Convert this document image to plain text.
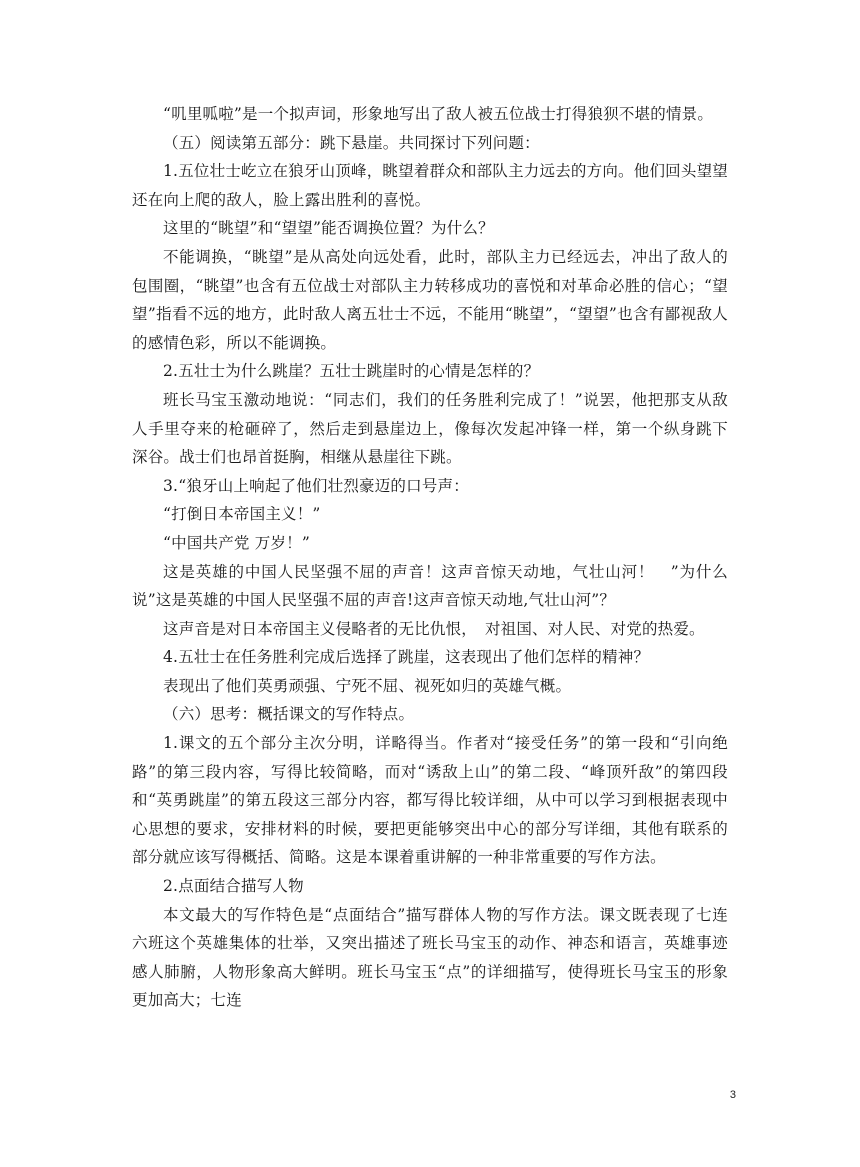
“叽里呱啦”是一个拟声词，形象地写出了敌人被五位战士打得狼狈不堪的情景。

（五）阅读第五部分：跳下悬崖。共同探讨下列问题：

1.五位壮士屹立在狼牙山顶峰，眺望着群众和部队主力远去的方向。他们回头望望还在向上爬的敌人，脸上露出胜利的喜悦。

这里的“眺望”和“望望”能否调换位置？为什么？

不能调换，“眺望”是从高处向远处看，此时，部队主力已经远去，冲出了敌人的包围圈，“眺望”也含有五位战士对部队主力转移成功的喜悦和对革命必胜的信心；“望望”指看不远的地方，此时敌人离五壮士不远，不能用“眺望”，“望望”也含有鄙视敌人的感情色彩，所以不能调换。

2.五壮士为什么跳崖？五壮士跳崖时的心情是怎样的？

班长马宝玉激动地说：“同志们，我们的任务胜利完成了！”说罢，他把那支从敌人手里夺来的枪砸碎了，然后走到悬崖边上，像每次发起冲锋一样，第一个纵身跳下深谷。战士们也昂首挺胸，相继从悬崖往下跳。

3.“狼牙山上响起了他们壮烈豪迈的口号声：

“打倒日本帝国主义！”

“中国共产党 万岁！”

这是英雄的中国人民坚强不屈的声音！这声音惊天动地，气壮山河！　”为什么说”这是英雄的中国人民坚强不屈的声音!这声音惊天动地,气壮山河”？

这声音是对日本帝国主义侵略者的无比仇恨，　对祖国、对人民、对党的热爱。

4.五壮士在任务胜利完成后选择了跳崖，这表现出了他们怎样的精神？

表现出了他们英勇顽强、宁死不屈、视死如归的英雄气概。

（六）思考：概括课文的写作特点。

1.课文的五个部分主次分明，详略得当。作者对“接受任务”的第一段和“引向绝路”的第三段内容，写得比较简略，而对“诱敌上山”的第二段、“峰顶歼敌”的第四段和“英勇跳崖”的第五段这三部分内容，都写得比较详细，从中可以学习到根据表现中心思想的要求，安排材料的时候，要把更能够突出中心的部分写详细，其他有联系的部分就应该写得概括、简略。这是本课着重讲解的一种非常重要的写作方法。

2.点面结合描写人物

本文最大的写作特色是“点面结合”描写群体人物的写作方法。课文既表现了七连六班这个英雄集体的壮举，又突出描述了班长马宝玉的动作、神态和语言，英雄事迹感人肺腑，人物形象高大鲜明。班长马宝玉“点”的详细描写，使得班长马宝玉的形象更加高大；七连

3
